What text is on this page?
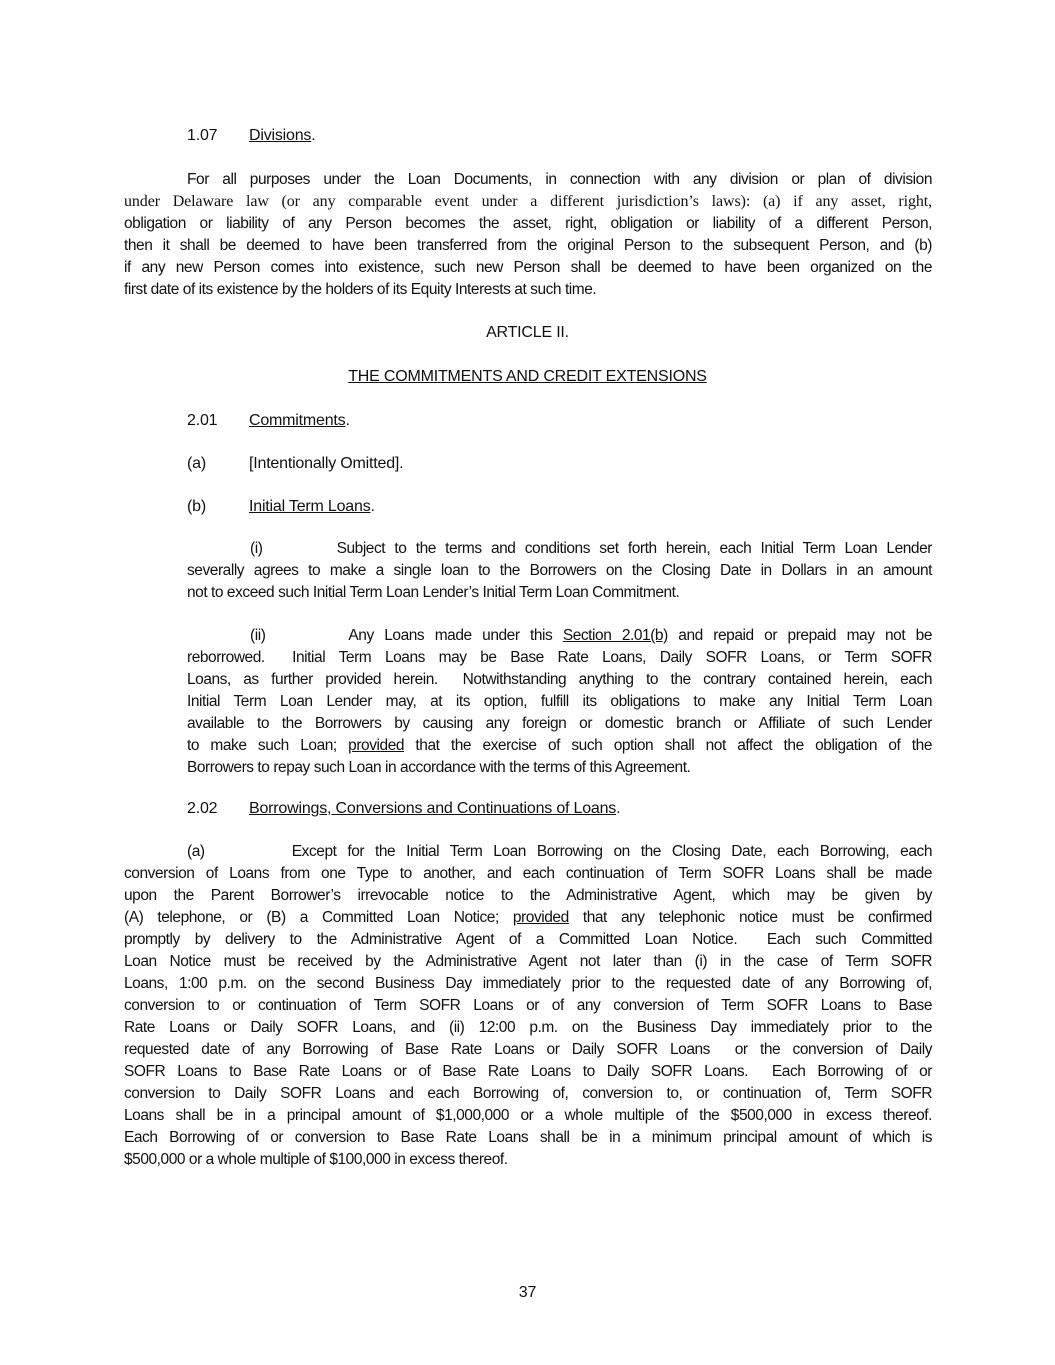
1.07 Divisions.
For all purposes under the Loan Documents, in connection with any division or plan of division
under Delaware law (or any comparable event under a different jurisdiction’s laws): (a) if any asset, right,
obligation or liability of any Person becomes the asset, right, obligation or liability of a different Person,
then it shall be deemed to have been transferred from the original Person to the subsequent Person, and (b)
if any new Person comes into existence, such new Person shall be deemed to have been organized on the
first date of its existence by the holders of its Equity Interests at such time.
ARTICLE II.
THE COMMITMENTS AND CREDIT EXTENSIONS
2.01 Commitments.
(a)	[Intentionally Omitted].
(b)	Initial Term Loans.
(i)        Subject to the terms and conditions set forth herein, each Initial Term Loan Lender
severally agrees to make a single loan to the Borrowers on the Closing Date in Dollars in an amount
not to exceed such Initial Term Loan Lender’s Initial Term Loan Commitment.
(ii)        Any Loans made under this Section 2.01(b) and repaid or prepaid may not be
reborrowed.  Initial Term Loans may be Base Rate Loans, Daily SOFR Loans, or Term SOFR
Loans, as further provided herein.  Notwithstanding anything to the contrary contained herein, each
Initial Term Loan Lender may, at its option, fulfill its obligations to make any Initial Term Loan
available to the Borrowers by causing any foreign or domestic branch or Affiliate of such Lender
to make such Loan; provided that the exercise of such option shall not affect the obligation of the
Borrowers to repay such Loan in accordance with the terms of this Agreement.
2.02 Borrowings, Conversions and Continuations of Loans.
(a)        Except for the Initial Term Loan Borrowing on the Closing Date, each Borrowing, each
conversion of Loans from one Type to another, and each continuation of Term SOFR Loans shall be made
upon the Parent Borrower’s irrevocable notice to the Administrative Agent, which may be given by
(A) telephone, or (B) a Committed Loan Notice; provided that any telephonic notice must be confirmed
promptly by delivery to the Administrative Agent of a Committed Loan Notice.  Each such Committed
Loan Notice must be received by the Administrative Agent not later than (i) in the case of Term SOFR
Loans, 1:00 p.m. on the second Business Day immediately prior to the requested date of any Borrowing of,
conversion to or continuation of Term SOFR Loans or of any conversion of Term SOFR Loans to Base
Rate Loans or Daily SOFR Loans, and (ii) 12:00 p.m. on the Business Day immediately prior to the
requested date of any Borrowing of Base Rate Loans or Daily SOFR Loans  or the conversion of Daily
SOFR Loans to Base Rate Loans or of Base Rate Loans to Daily SOFR Loans.  Each Borrowing of or
conversion to Daily SOFR Loans and each Borrowing of, conversion to, or continuation of, Term SOFR
Loans shall be in a principal amount of $1,000,000 or a whole multiple of the $500,000 in excess thereof.
Each Borrowing of or conversion to Base Rate Loans shall be in a minimum principal amount of which is
$500,000 or a whole multiple of $100,000 in excess thereof.
37
